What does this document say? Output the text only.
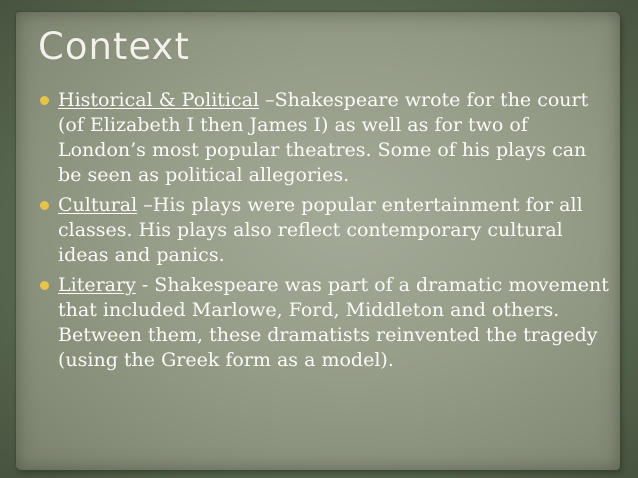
Context
Historical & Political –Shakespeare wrote for the court (of Elizabeth I then James I) as well as for two of London’s most popular theatres. Some of his plays can be seen as political allegories.
Cultural –His plays were popular entertainment for all classes. His plays also reflect contemporary cultural ideas and panics.
Literary - Shakespeare was part of a dramatic movement that included Marlowe, Ford, Middleton and others. Between them, these dramatists reinvented the tragedy (using the Greek form as a model).
